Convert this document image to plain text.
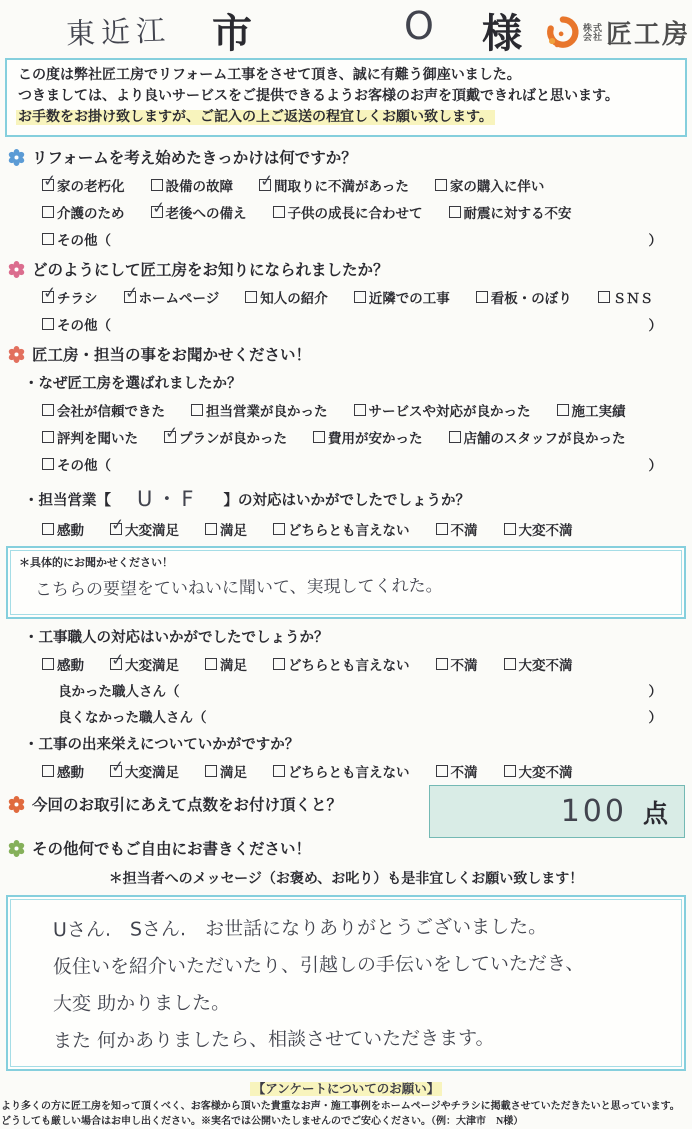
東近江 市	O 様	株式
会社 匠工房
この度は弊社匠工房でリフォーム工事をさせて頂き、誠に有難う御座いました。
つきましては、より良いサービスをご提供できるようお客様のお声を頂戴できればと思います。
お手数をお掛け致しますが、ご記入の上ご返送の程宜しくお願い致します。
リフォームを考え始めたきっかけは何ですか？
✓ 家の老朽化	設備の故障 ✓ 間取りに不満があった	家の購入に伴い
介護のため ✓ 老後への備え	子供の成長に合わせて	耐震に対する不安
その他（	）
どのようにして匠工房をお知りになられましたか？
✓ チラシ ✓ ホームページ	知人の紹介	近隣での工事	看板・のぼり	ＳＮＳ
その他（	）
匠工房・担当の事をお聞かせください！
・なぜ匠工房を選ばれましたか？
会社が信頼できた	担当営業が良かった	サービスや対応が良かった	施工実績
評判を聞いた ✓ プランが良かった	費用が安かった	店舗のスタッフが良かった
その他（	）
・担当営業【 U・F 】の対応はいかがでしたでしょうか？
感動 ✓ 大変満足	満足	どちらとも言えない	不満	大変不満
＊具体的にお聞かせください！
こちらの要望をていねいに聞いて、実現してくれた。
・工事職人の対応はいかがでしたでしょうか？
感動 ✓ 大変満足	満足	どちらとも言えない	不満	大変不満
良かった職人さん（	）
良くなかった職人さん（	）
・工事の出来栄えについていかがですか？
感動 ✓ 大変満足	満足	どちらとも言えない	不満	大変不満
今回のお取引にあえて点数をお付け頂くと？	100 点
その他何でもご自由にお書きください！
＊担当者へのメッセージ（お褒め、お叱り）も是非宜しくお願い致します！
Uさん.　Sさん.　お世話になりありがとうございました。
仮住いを紹介いただいたり、引越しの手伝いをしていただき、
大変 助かりました。
また 何かありましたら、相談させていただきます。
【アンケートについてのお願い】
より多くの方に匠工房を知って頂くべく、お客様から頂いた貴重なお声・施工事例をホームページやチラシに掲載させていただきたいと思っています。
どうしても厳しい場合はお申し出ください。※実名では公開いたしませんのでご安心ください。（例：大津市　N様）
